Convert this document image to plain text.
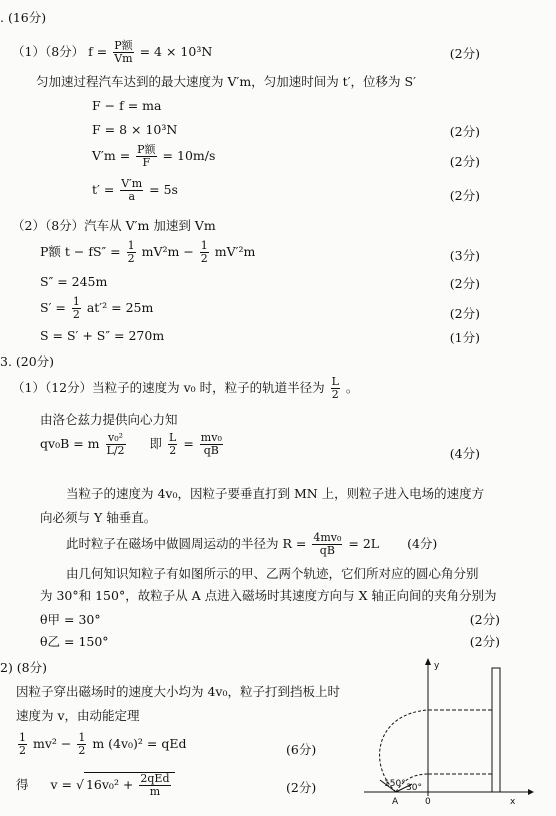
. (16分)
（1）（8分） $f = \frac{\text{P额}}{Vm} = 4 \times 10^3N$	(2分)
匀加速过程汽车达到的最大速度为 V′m，匀加速时间为 t′，位移为 S′
F − f = ma
F = 8 × 10³N	(2分)
$V'm = \frac{\text{P额}}{F} = 10m/s$	(2分)
$t' = \frac{V'm}{a} = 5s$	(2分)
（2）（8分）汽车从 V′m 加速到 Vm
P额 $t - fS'' = \frac{1}{2} mV^2m - \frac{1}{2} mV'^2m$	(3分)
S″ = 245m	(2分)
$S' = \frac{1}{2} at'^2 = 25m$	(2分)
S = S′ + S″ = 270m	(1分)
3. (20分)
（1）（12分）当粒子的速度为 v₀ 时，粒子的轨道半径为 $\frac{L}{2}$ 。
由洛仑兹力提供向心力知
qv₀B = m $\frac{\text{v₀²}}{L/2}$ 即 $\frac{L}{2} = \frac{\text{mv₀}}{qB}$	(4分)
当粒子的速度为 4v₀，因粒子要垂直打到 MN 上，则粒子进入电场的速度方
向必须与 Y 轴垂直。
此时粒子在磁场中做圆周运动的半径为 $R = \frac{\text{4mv₀}}{qB} = 2L$ (4分)
由几何知识知粒子有如图所示的甲、乙两个轨迹，它们所对应的圆心角分别
为 30°和 150°，故粒子从 A 点进入磁场时其速度方向与 X 轴正向间的夹角分别为
θ甲 = 30°	(2分)
θ乙 = 150°	(2分)
2) (8分)
因粒子穿出磁场时的速度大小均为 4v₀，粒子打到挡板上时
速度为 v，由动能定理
$\frac{1}{2} mv^2 - \frac{1}{2}$ m (4v₀)² = qEd	(6分)
得 v = √ $16v_0^2 + \frac{\text{2qEd}}{m}$	(2分)
y
x
0
A
150° 30°
